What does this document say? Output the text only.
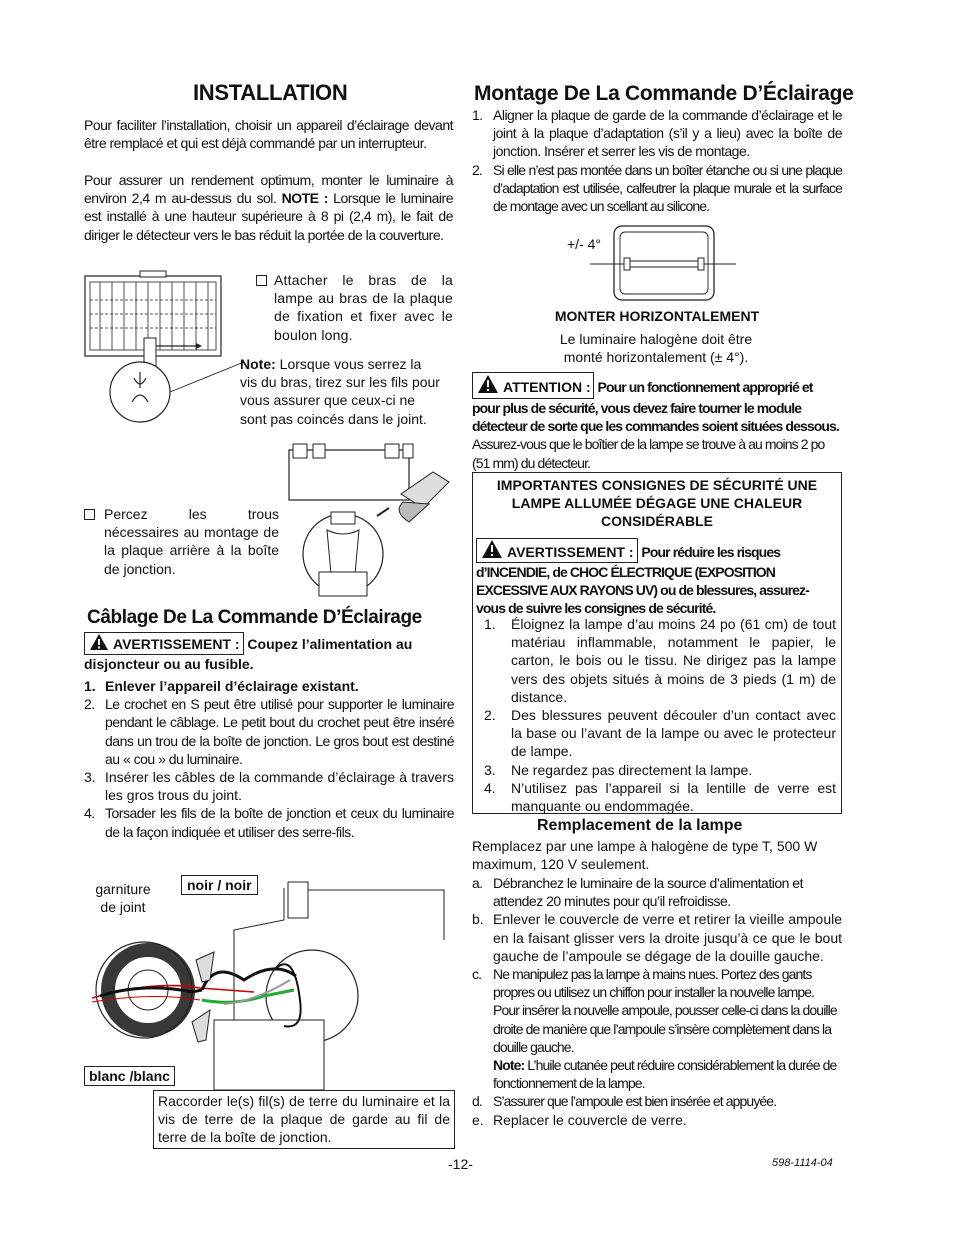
INSTALLATION
Pour faciliter l’installation, choisir un appareil d’éclairage devant être remplacé et qui est déjà commandé par un interrupteur.
Pour assurer un rendement optimum, monter le luminaire à environ 2,4 m au-dessus du sol. NOTE : Lorsque le luminaire est installé à une hauteur supérieure à 8 pi (2,4 m), le fait de diriger le détecteur vers le bas réduit la portée de la couverture.
Attacher le bras de la lampe au bras de la plaque de fixation et fixer avec le boulon long.
Note: Lorsque vous serrez la vis du bras, tirez sur les fils pour vous assurer que ceux-ci ne sont pas coincés dans le joint.
Percez les trous nécessaires au montage de la plaque arrière à la boîte de jonction.
Câblage De La Commande D’Éclairage
AVERTISSEMENT : Coupez l’alimentation au disjoncteur ou au fusible.
1. Enlever l’appareil d’éclairage existant.
2. Le crochet en S peut être utilisé pour supporter le luminaire pendant le câblage. Le petit bout du crochet peut être inséré dans un trou de la boîte de jonction. Le gros bout est destiné au « cou » du luminaire.
3. Insérer les câbles de la commande d’éclairage à travers les gros trous du joint.
4. Torsader les fils de la boîte de jonction et ceux du luminaire de la façon indiquée et utiliser des serre-fils.
garniture de joint
noir / noir
blanc /blanc
Raccorder le(s) fil(s) de terre du luminaire et la vis de terre de la plaque de garde au fil de terre de la boîte de jonction.
Montage De La Commande D’Éclairage
1. Aligner la plaque de garde de la commande d’éclairage et le joint à la plaque d’adaptation (s’il y a lieu) avec la boîte de jonction. Insérer et serrer les vis de montage.
2. Si elle n’est pas montée dans un boîter étanche ou si une plaque d’adaptation est utilisée, calfeutrer la plaque murale et la surface de montage avec un scellant au silicone.
+/- 4°
MONTER HORIZONTALEMENT
Le luminaire halogène doit être monté horizontalement (± 4°).
ATTENTION : Pour un fonctionnement approprié et pour plus de sécurité, vous devez faire tourner le module détecteur de sorte que les commandes soient situées dessous. Assurez-vous que le boîtier de la lampe se trouve à au moins 2 po (51 mm) du détecteur.
IMPORTANTES CONSIGNES DE SÉCURITÉ UNE LAMPE ALLUMÉE DÉGAGE UNE CHALEUR CONSIDÉRABLE
AVERTISSEMENT : Pour réduire les risques d’INCENDIE, de CHOC ÉLECTRIQUE (EXPOSITION EXCESSIVE AUX RAYONS UV) ou de blessures, assurez-vous de suivre les consignes de sécurité.
1. Éloignez la lampe d’au moins 24 po (61 cm) de tout matériau inflammable, notamment le papier, le carton, le bois ou le tissu. Ne dirigez pas la lampe vers des objets situés à moins de 3 pieds (1 m) de distance.
2. Des blessures peuvent découler d’un contact avec la base ou l’avant de la lampe ou avec le protecteur de lampe.
3. Ne regardez pas directement la lampe.
4. N’utilisez pas l’appareil si la lentille de verre est manquante ou endommagée.
Remplacement de la lampe
Remplacez par une lampe à halogène de type T, 500 W maximum, 120 V seulement.
a. Débranchez le luminaire de la source d’alimentation et attendez 20 minutes pour qu’il refroidisse.
b. Enlever le couvercle de verre et retirer la vieille ampoule en la faisant glisser vers la droite jusqu’à ce que le bout gauche de l’ampoule se dégage de la douille gauche.
c. Ne manipulez pas la lampe à mains nues. Portez des gants propres ou utilisez un chiffon pour installer la nouvelle lampe. Pour insérer la nouvelle ampoule, pousser celle-ci dans la douille droite de manière que l’ampoule s’insère complètement dans la douille gauche.
Note: L’huile cutanée peut réduire considérablement la durée de fonctionnement de la lampe.
d. S’assurer que l’ampoule est bien insérée et appuyée.
e. Replacer le couvercle de verre.
-12-	598-1114-04
